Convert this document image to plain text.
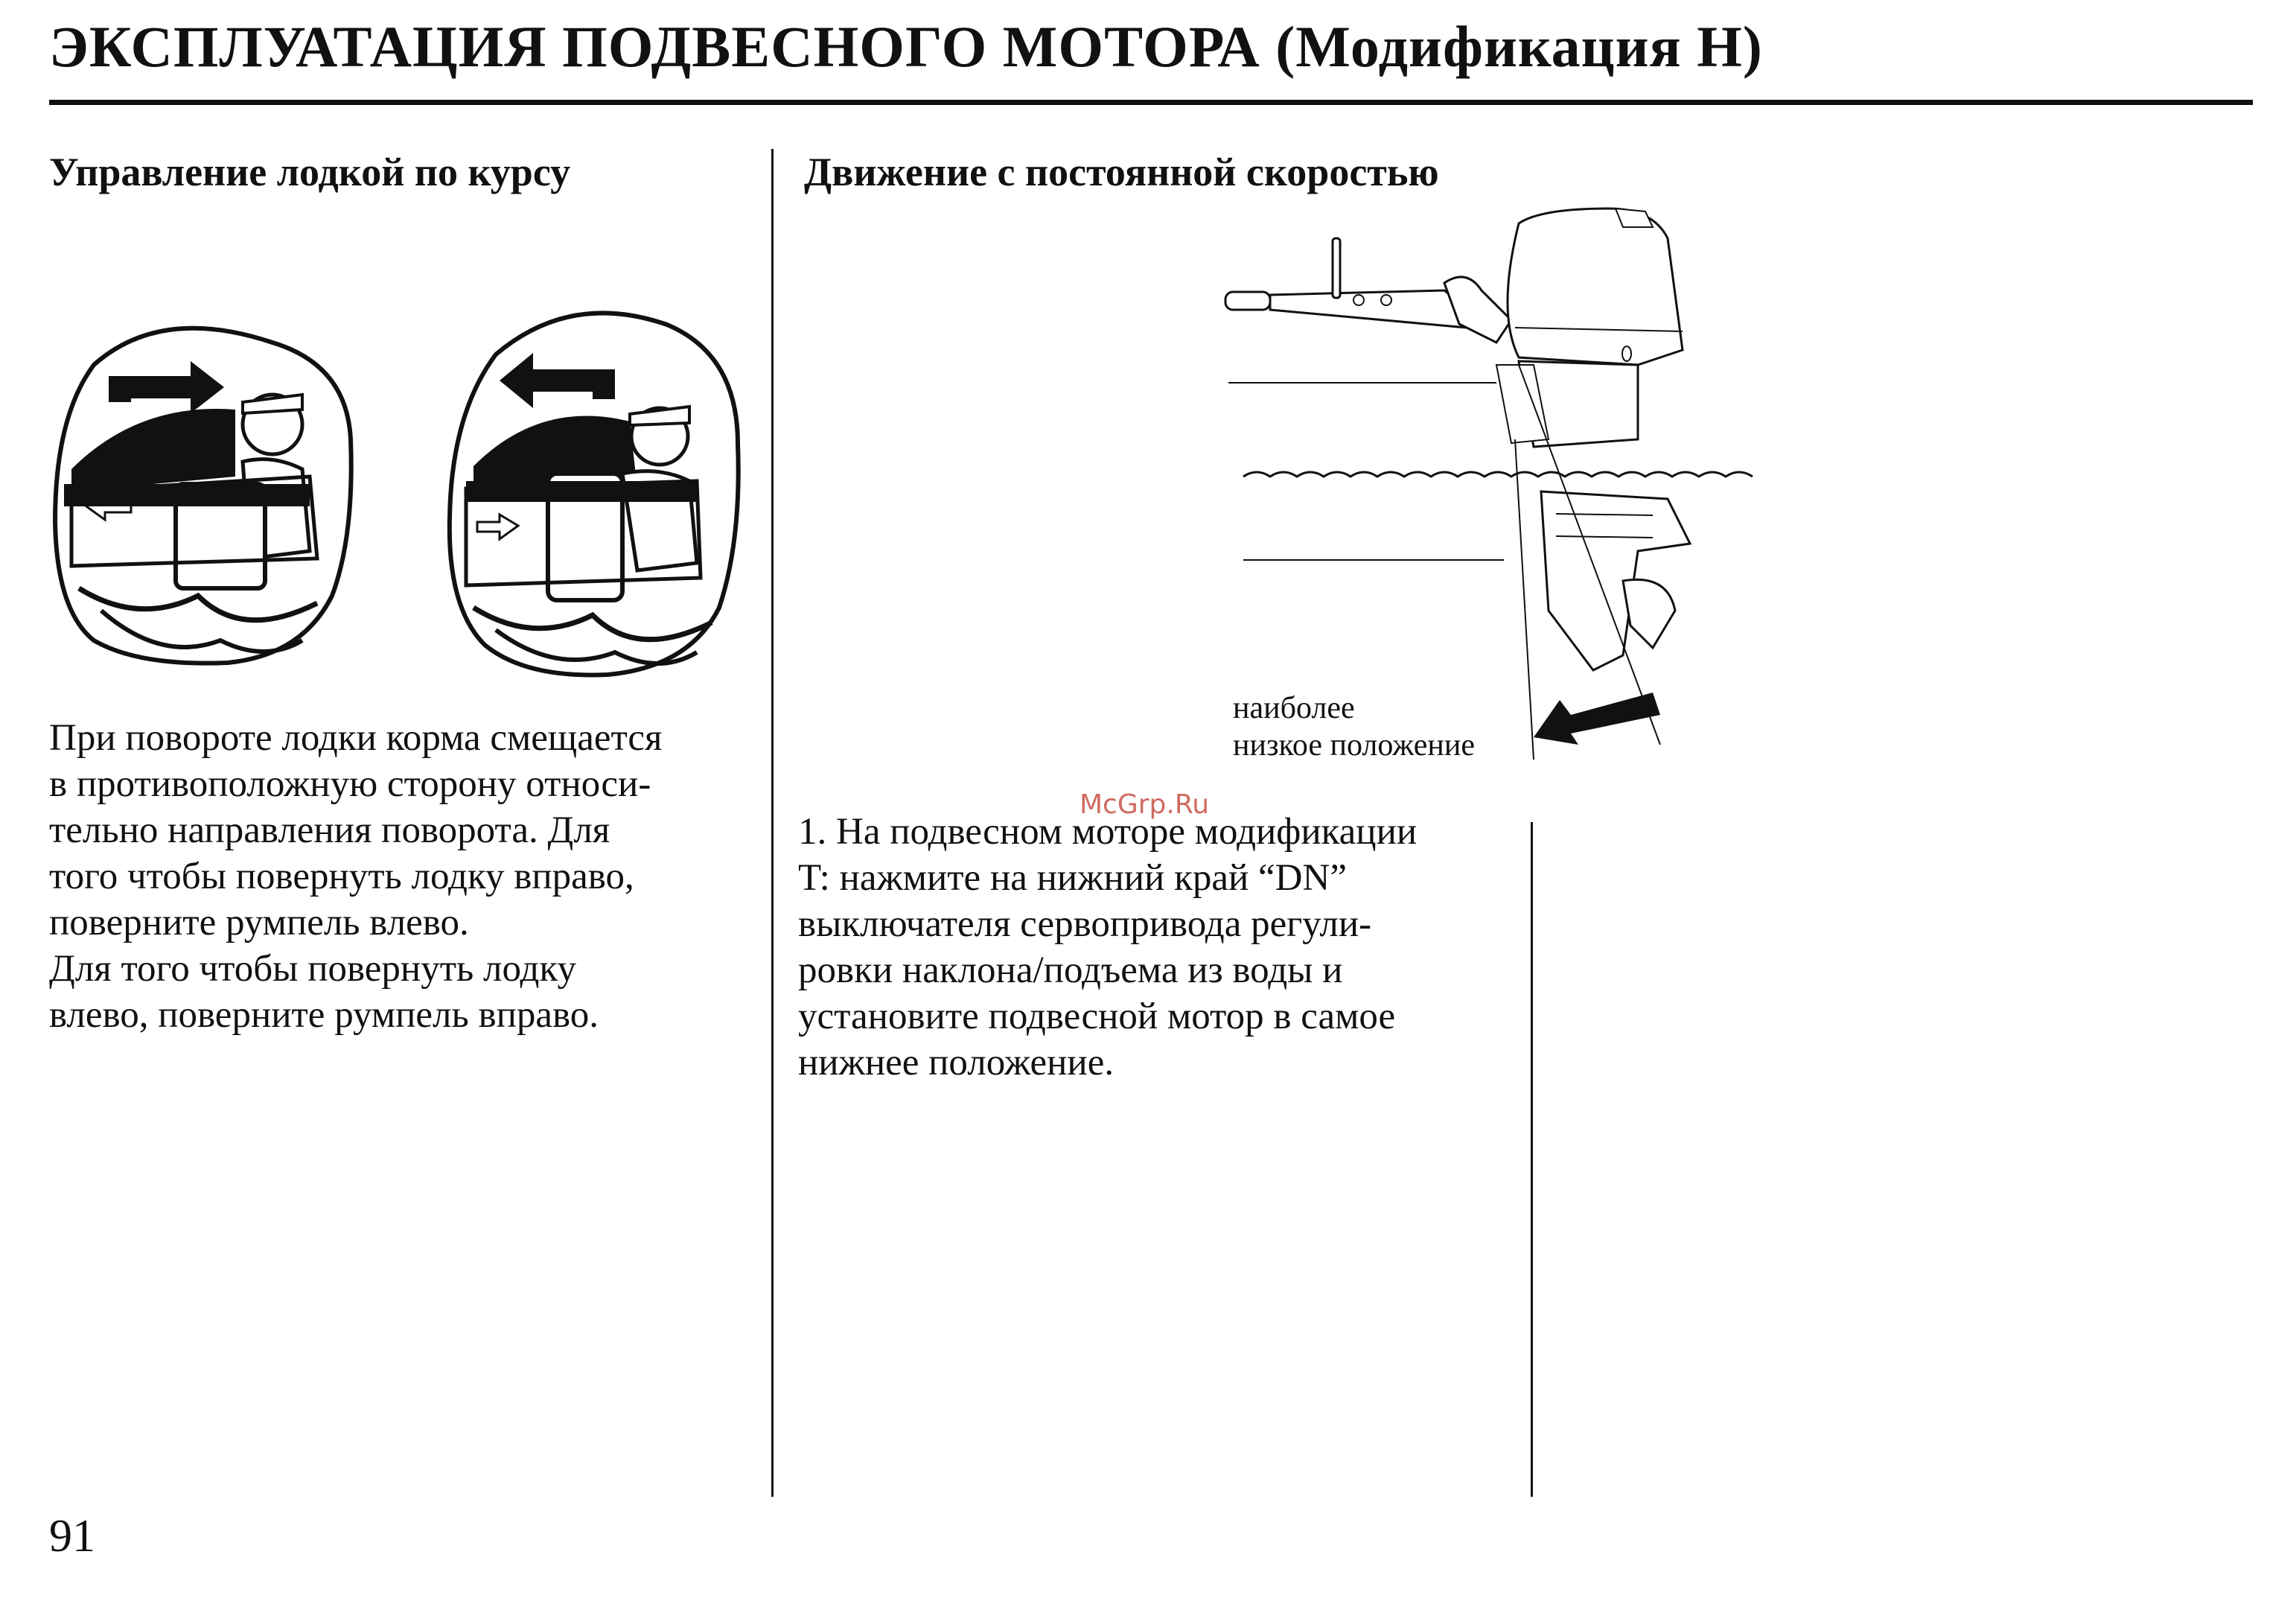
ЭКСПЛУАТАЦИЯ ПОДВЕСНОГО МОТОРА (Модификация H)
Управление лодкой по курсу
При повороте лодки корма смещается
в противоположную сторону относи-
тельно направления поворота. Для
того чтобы повернуть лодку вправо,
поверните румпель влево.
Для того чтобы повернуть лодку
влево, поверните румпель вправо.
Движение с постоянной скоростью
наиболее
низкое положение
McGrp.Ru
1. На подвесном моторе модификации
T: нажмите на нижний край “DN”
выключателя сервопривода регули-
ровки наклона/подъема из воды и
установите подвесной мотор в самое
нижнее положение.
91
